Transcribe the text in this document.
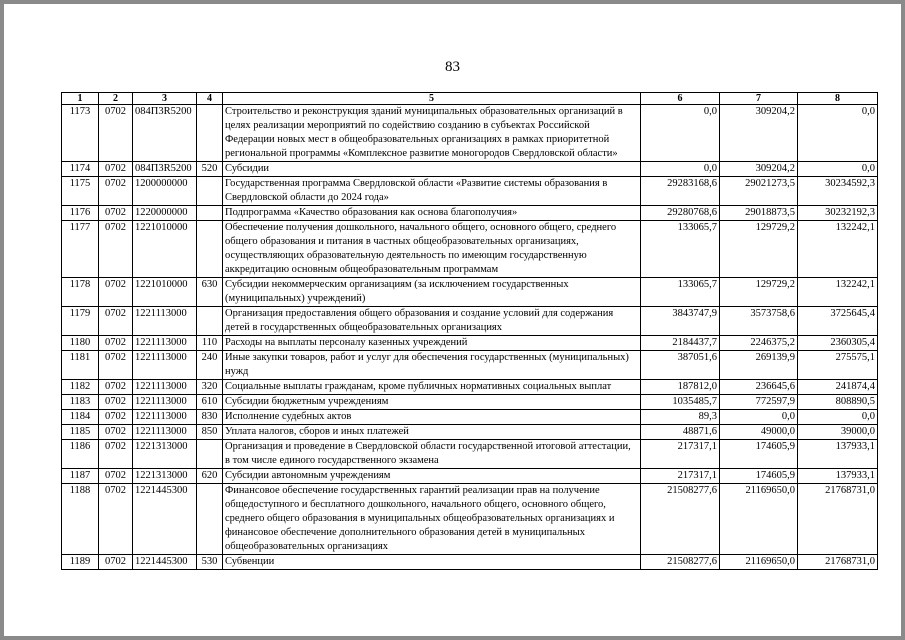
83
1	2	3	4	5	6	7	8
1173	0702	084П3R5200		Строительство и реконструкция зданий муниципальных образовательных организаций в целях реализации мероприятий по содействию созданию в субъектах Российской Федерации новых мест в общеобразовательных организациях в рамках приоритетной региональной программы «Комплексное развитие моногородов Свердловской области»	0,0	309204,2	0,0
1174	0702	084П3R5200	520	Субсидии	0,0	309204,2	0,0
1175	0702	1200000000		Государственная программа Свердловской области «Развитие системы образования в Свердловской области до 2024 года»	29283168,6	29021273,5	30234592,3
1176	0702	1220000000		Подпрограмма «Качество образования как основа благополучия»	29280768,6	29018873,5	30232192,3
1177	0702	1221010000		Обеспечение получения дошкольного, начального общего, основного общего, среднего общего образования и питания в частных общеобразовательных организациях, осуществляющих образовательную деятельность по имеющим государственную аккредитацию основным общеобразовательным программам	133065,7	129729,2	132242,1
1178	0702	1221010000	630	Субсидии некоммерческим организациям (за исключением государственных (муниципальных) учреждений)	133065,7	129729,2	132242,1
1179	0702	1221113000		Организация предоставления общего образования и создание условий для содержания детей в государственных общеобразовательных организациях	3843747,9	3573758,6	3725645,4
1180	0702	1221113000	110	Расходы на выплаты персоналу казенных учреждений	2184437,7	2246375,2	2360305,4
1181	0702	1221113000	240	Иные закупки товаров, работ и услуг для обеспечения государственных (муниципальных) нужд	387051,6	269139,9	275575,1
1182	0702	1221113000	320	Социальные выплаты гражданам, кроме публичных нормативных социальных выплат	187812,0	236645,6	241874,4
1183	0702	1221113000	610	Субсидии бюджетным учреждениям	1035485,7	772597,9	808890,5
1184	0702	1221113000	830	Исполнение судебных актов	89,3	0,0	0,0
1185	0702	1221113000	850	Уплата налогов, сборов и иных платежей	48871,6	49000,0	39000,0
1186	0702	1221313000		Организация и проведение в Свердловской области государственной итоговой аттестации, в том числе единого государственного экзамена	217317,1	174605,9	137933,1
1187	0702	1221313000	620	Субсидии автономным учреждениям	217317,1	174605,9	137933,1
1188	0702	1221445300		Финансовое обеспечение государственных гарантий реализации прав на получение общедоступного и бесплатного дошкольного, начального общего, основного общего, среднего общего образования в муниципальных общеобразовательных организациях и финансовое обеспечение дополнительного образования детей в муниципальных общеобразовательных организациях	21508277,6	21169650,0	21768731,0
1189	0702	1221445300	530	Субвенции	21508277,6	21169650,0	21768731,0
